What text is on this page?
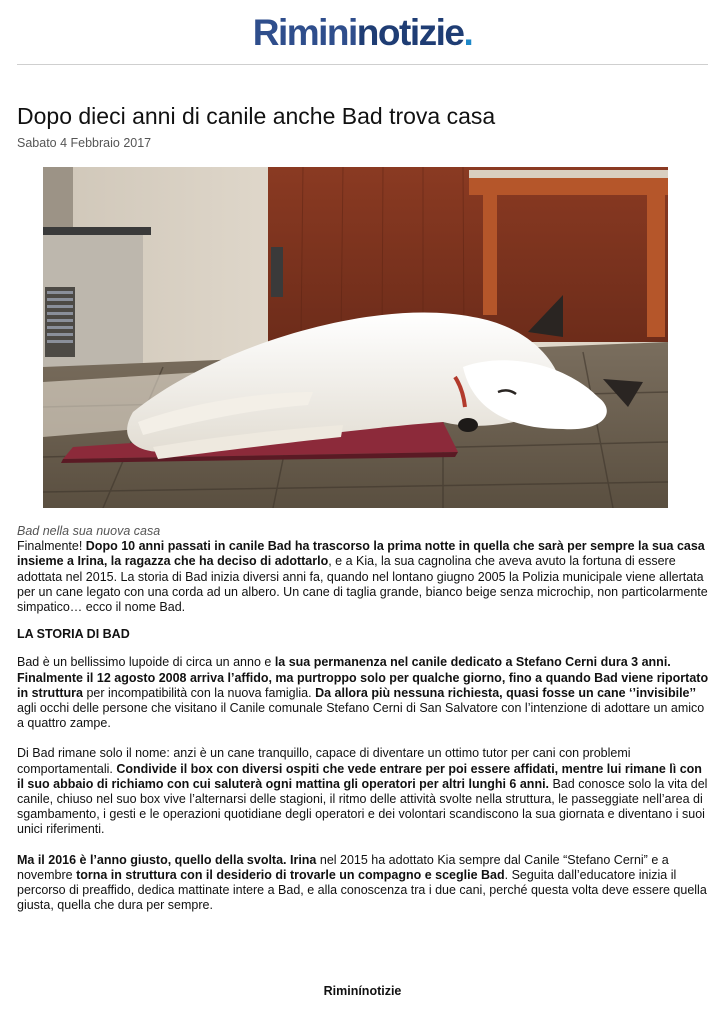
Rimininotizie.
Dopo dieci anni di canile anche Bad trova casa
Sabato 4 Febbraio 2017
Bad nella sua nuova casa

Finalmente! Dopo 10 anni passati in canile Bad ha trascorso la prima notte in quella che sarà per sempre la sua casa insieme a Irina, la ragazza che ha deciso di adottarlo, e a Kia, la sua cagnolina che aveva avuto la fortuna di essere adottata nel 2015. La storia di Bad inizia diversi anni fa, quando nel lontano giugno 2005 la Polizia municipale viene allertata per un cane legato con una corda ad un albero. Un cane di taglia grande, bianco beige senza microchip, non particolarmente simpatico… ecco il nome Bad.

LA STORIA DI BAD

Bad è un bellissimo lupoide di circa un anno e la sua permanenza nel canile dedicato a Stefano Cerni dura 3 anni. Finalmente il 12 agosto 2008 arriva l’affido, ma purtroppo solo per qualche giorno, fino a quando Bad viene riportato in struttura per incompatibilità con la nuova famiglia. Da allora più nessuna richiesta, quasi fosse un cane ‘’invisibile’’ agli occhi delle persone che visitano il Canile comunale Stefano Cerni di San Salvatore con l’intenzione di adottare un amico a quattro zampe.

Di Bad rimane solo il nome: anzi è un cane tranquillo, capace di diventare un ottimo tutor per cani con problemi comportamentali. Condivide il box con diversi ospiti che vede entrare per poi essere affidati, mentre lui rimane lì con il suo abbaio di richiamo con cui saluterà ogni mattina gli operatori per altri lunghi 6 anni. Bad conosce solo la vita del canile, chiuso nel suo box vive l’alternarsi delle stagioni, il ritmo delle attività svolte nella struttura, le passeggiate nell’area di sgambamento, i gesti e le operazioni quotidiane degli operatori e dei volontari scandiscono la sua giornata e diventano i suoi unici riferimenti.

Ma il 2016 è l’anno giusto, quello della svolta. Irina nel 2015 ha adottato Kia sempre dal Canile “Stefano Cerni” e a novembre torna in struttura con il desiderio di trovarle un compagno e sceglie Bad. Seguita dall’educatore inizia il percorso di preaffido, dedica mattinate intere a Bad, e alla conoscenza tra i due cani, perché questa volta deve essere quella giusta, quella che dura per sempre.

Riminínotizie
